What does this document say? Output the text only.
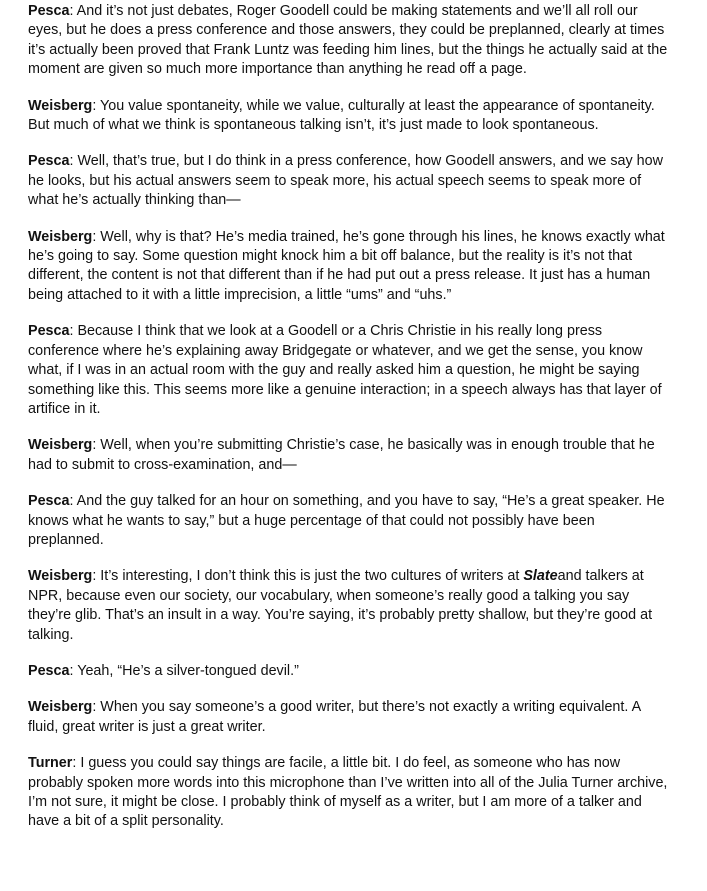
Pesca: And it’s not just debates, Roger Goodell could be making statements and we’ll all roll our eyes, but he does a press conference and those answers, they could be preplanned, clearly at times it’s actually been proved that Frank Luntz was feeding him lines, but the things he actually said at the moment are given so much more importance than anything he read off a page.

Weisberg: You value spontaneity, while we value, culturally at least the appearance of spontaneity. But much of what we think is spontaneous talking isn’t, it’s just made to look spontaneous.

Pesca: Well, that’s true, but I do think in a press conference, how Goodell answers, and we say how he looks, but his actual answers seem to speak more, his actual speech seems to speak more of what he’s actually thinking than—

Weisberg: Well, why is that? He’s media trained, he’s gone through his lines, he knows exactly what he’s going to say. Some question might knock him a bit off balance, but the reality is it’s not that different, the content is not that different than if he had put out a press release. It just has a human being attached to it with a little imprecision, a little “ums” and “uhs.”

Pesca: Because I think that we look at a Goodell or a Chris Christie in his really long press conference where he’s explaining away Bridgegate or whatever, and we get the sense, you know what, if I was in an actual room with the guy and really asked him a question, he might be saying something like this. This seems more like a genuine interaction; in a speech always has that layer of artifice in it.

Weisberg: Well, when you’re submitting Christie’s case, he basically was in enough trouble that he had to submit to cross-examination, and—

Pesca: And the guy talked for an hour on something, and you have to say, “He’s a great speaker. He knows what he wants to say,” but a huge percentage of that could not possibly have been preplanned.

Weisberg: It’s interesting, I don’t think this is just the two cultures of writers at Slateand talkers at NPR, because even our society, our vocabulary, when someone’s really good a talking you say they’re glib. That’s an insult in a way. You’re saying, it’s probably pretty shallow, but they’re good at talking.

Pesca: Yeah, “He’s a silver-tongued devil.”

Weisberg: When you say someone’s a good writer, but there’s not exactly a writing equivalent. A fluid, great writer is just a great writer.

Turner: I guess you could say things are facile, a little bit. I do feel, as someone who has now probably spoken more words into this microphone than I’ve written into all of the Julia Turner archive, I’m not sure, it might be close. I probably think of myself as a writer, but I am more of a talker and have a bit of a split personality.
